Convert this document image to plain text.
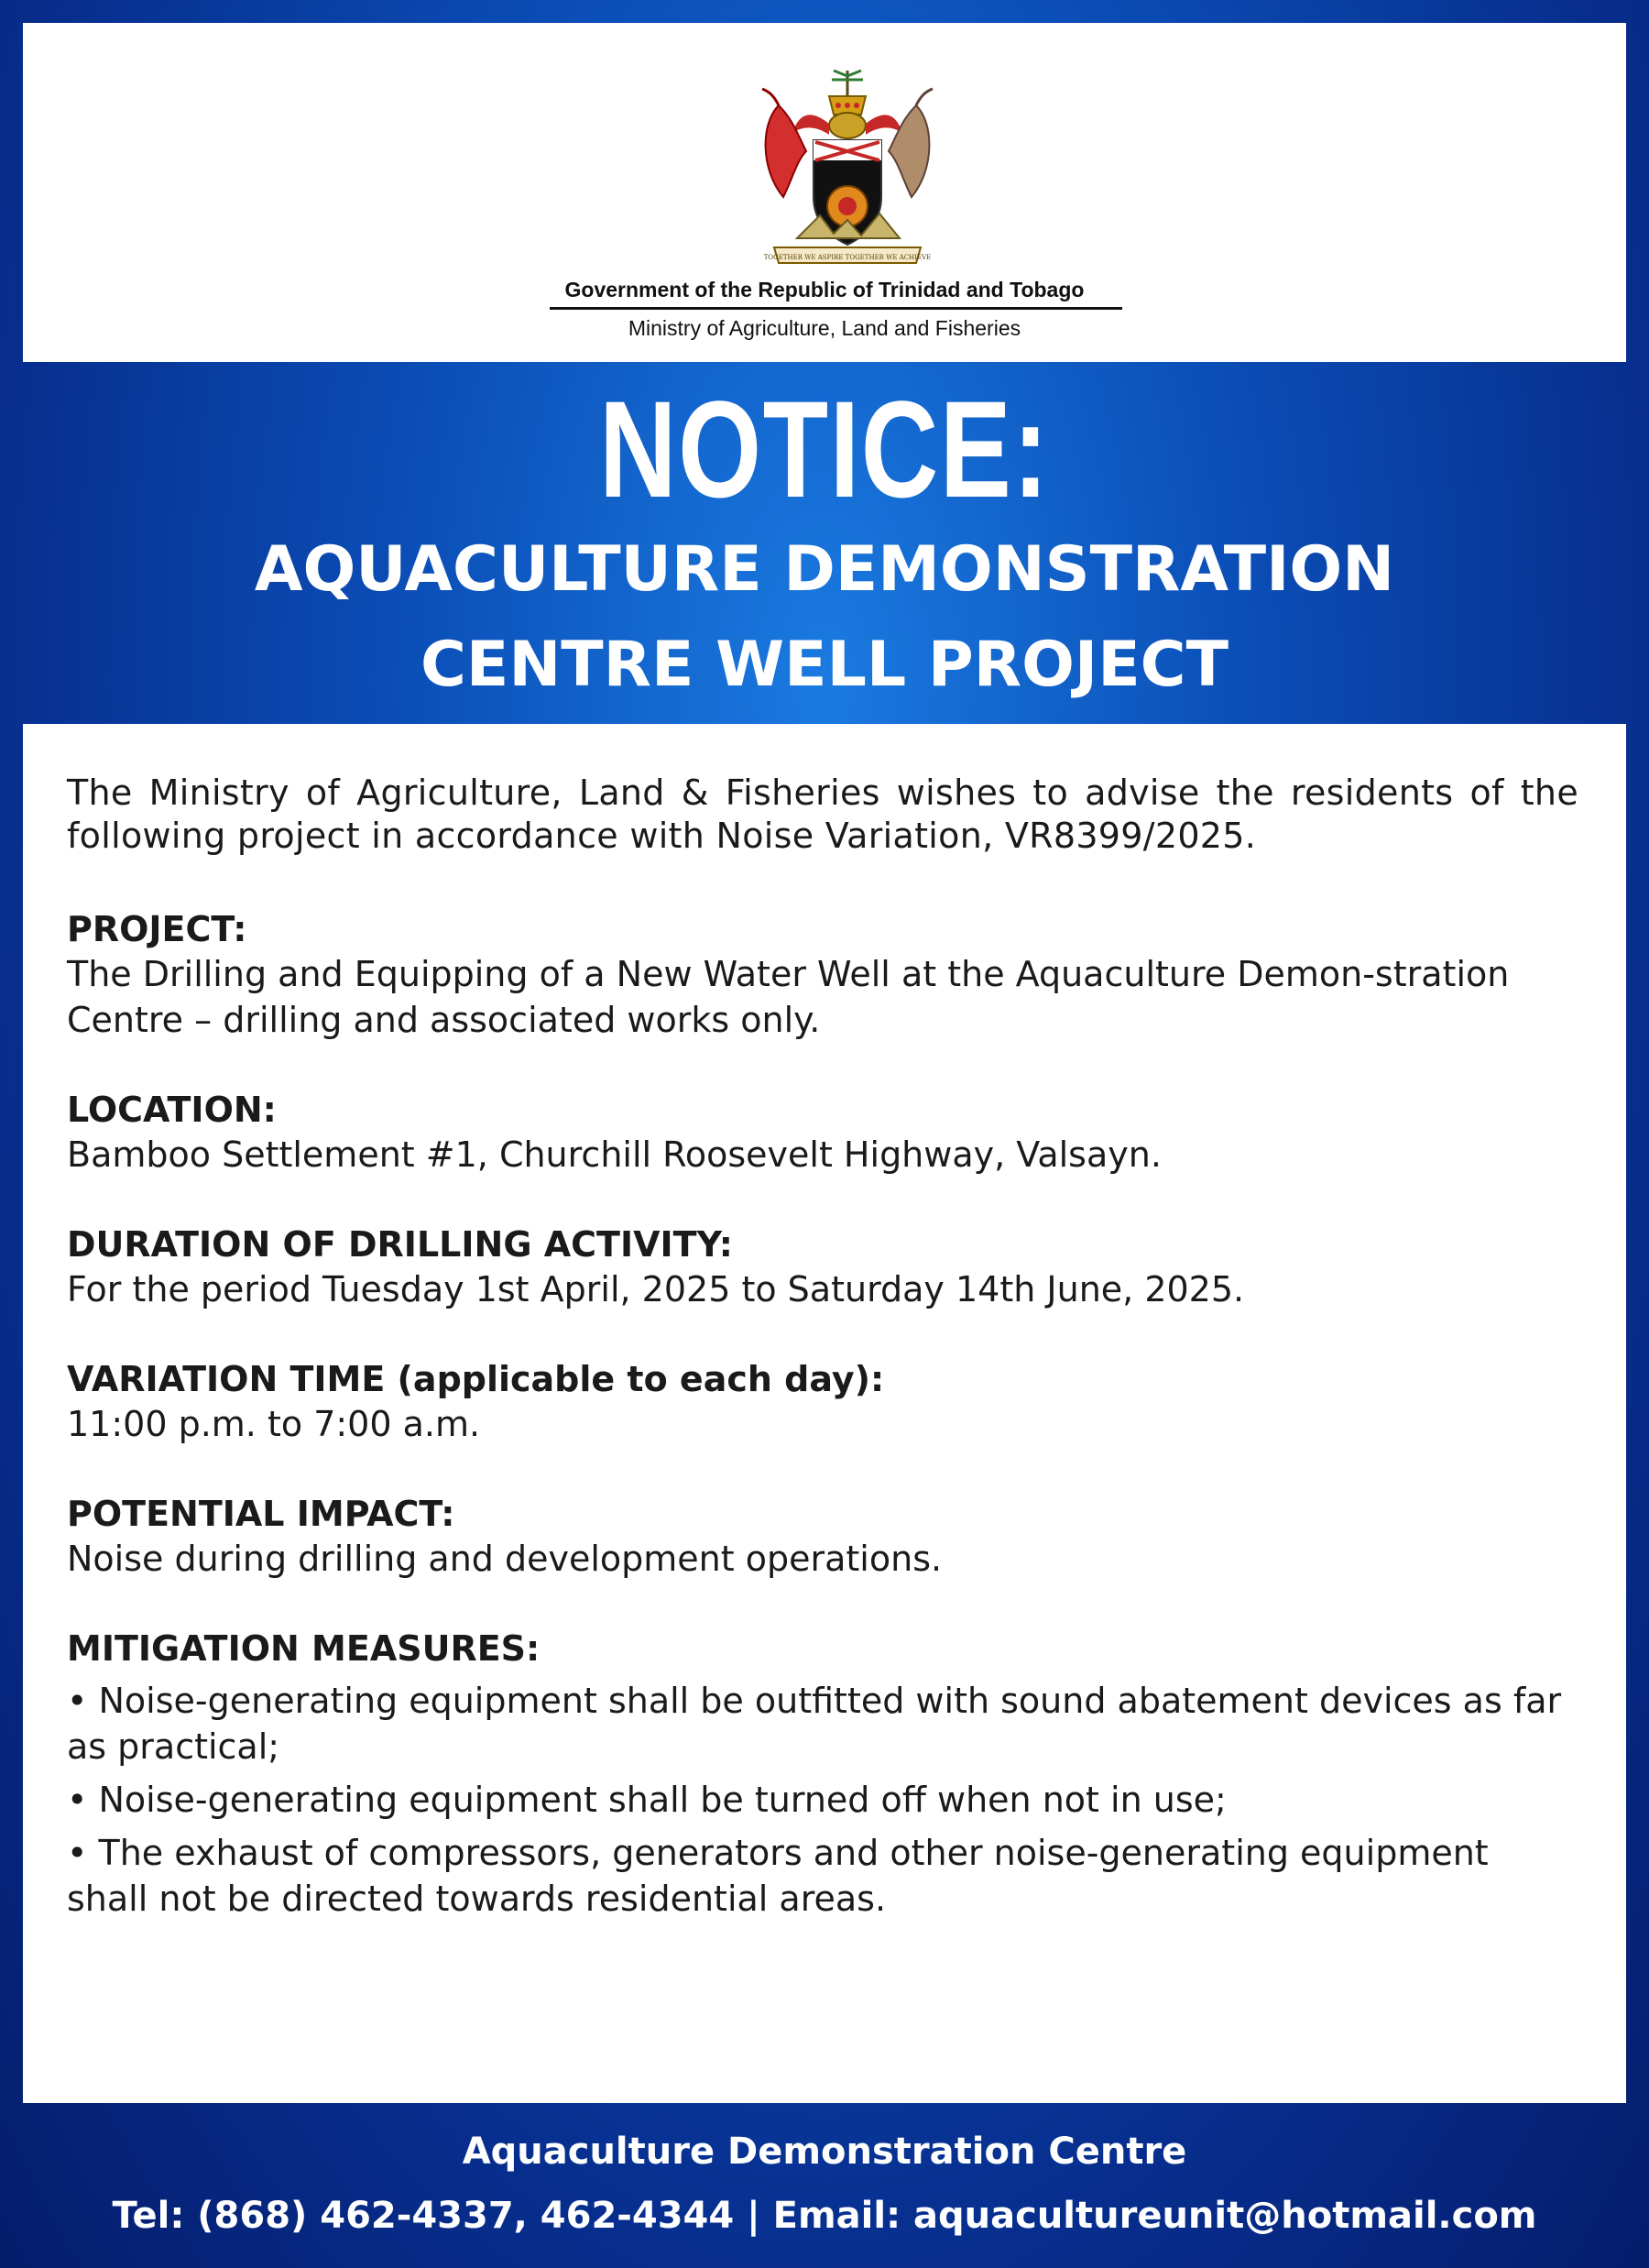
TOGETHER WE ASPIRE TOGETHER WE ACHIEVE
Government of the Republic of Trinidad and Tobago
Ministry of Agriculture, Land and Fisheries
NOTICE:
AQUACULTURE DEMONSTRATION
CENTRE WELL PROJECT

The Ministry of Agriculture, Land & Fisheries wishes to advise the residents of the following project in accordance with Noise Variation, VR8399/2025.

PROJECT:
The Drilling and Equipping of a New Water Well at the Aquaculture Demon-stration Centre – drilling and associated works only.
LOCATION:
Bamboo Settlement #1, Churchill Roosevelt Highway, Valsayn.
DURATION OF DRILLING ACTIVITY:
For the period Tuesday 1st April, 2025 to Saturday 14th June, 2025.
VARIATION TIME (applicable to each day):
11:00 p.m. to 7:00 a.m.
POTENTIAL IMPACT:
Noise during drilling and development operations.
MITIGATION MEASURES:
• Noise-generating equipment shall be outfitted with sound abatement devices as far as practical;
• Noise-generating equipment shall be turned off when not in use;
• The exhaust of compressors, generators and other noise-generating equipment shall not be directed towards residential areas.
Aquaculture Demonstration Centre
Tel: (868) 462-4337, 462-4344 | Email: aquacultureunit@hotmail.com
